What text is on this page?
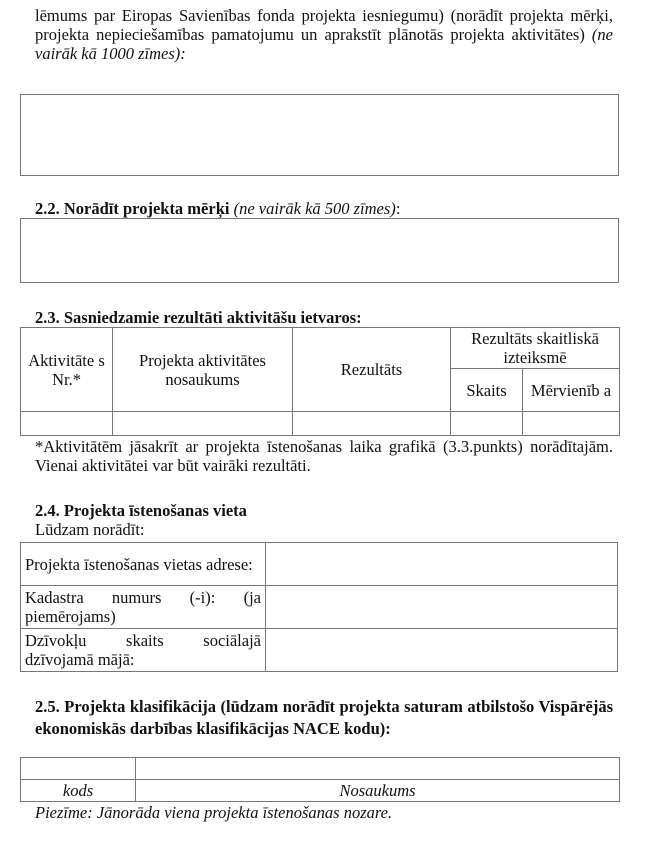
lēmums par Eiropas Savienības fonda projekta iesniegumu) (norādīt projekta mērķi, projekta nepieciešamības pamatojumu un aprakstīt plānotās projekta aktivitātes) (ne vairāk kā 1000 zīmes):
2.2. Norādīt projekta mērķi (ne vairāk kā 500 zīmes):
2.3. Sasniedzamie rezultāti aktivitāšu ietvaros:
Aktivitāte s Nr.*	Projekta aktivitātes nosaukums	Rezultāts	Rezultāts skaitliskā izteiksmē	
			Skaits	Mērvienīb a

*Aktivitātēm jāsakrīt ar projekta īstenošanas laika grafikā (3.3.punkts) norādītajām. Vienai aktivitātei var būt vairāki rezultāti.
2.4. Projekta īstenošanas vieta
Lūdzam norādīt:
Projekta īstenošanas vietas adrese:	
Kadastra numurs (-i): (ja piemērojams)	
Dzīvokļu skaits sociālajā dzīvojamā mājā:	
2.5. Projekta klasifikācija (lūdzam norādīt projekta saturam atbilstošo Vispārējās ekonomiskās darbības klasifikācijas NACE kodu):

kods	Nosaukums
Piezīme: Jānorāda viena projekta īstenošanas nozare.
